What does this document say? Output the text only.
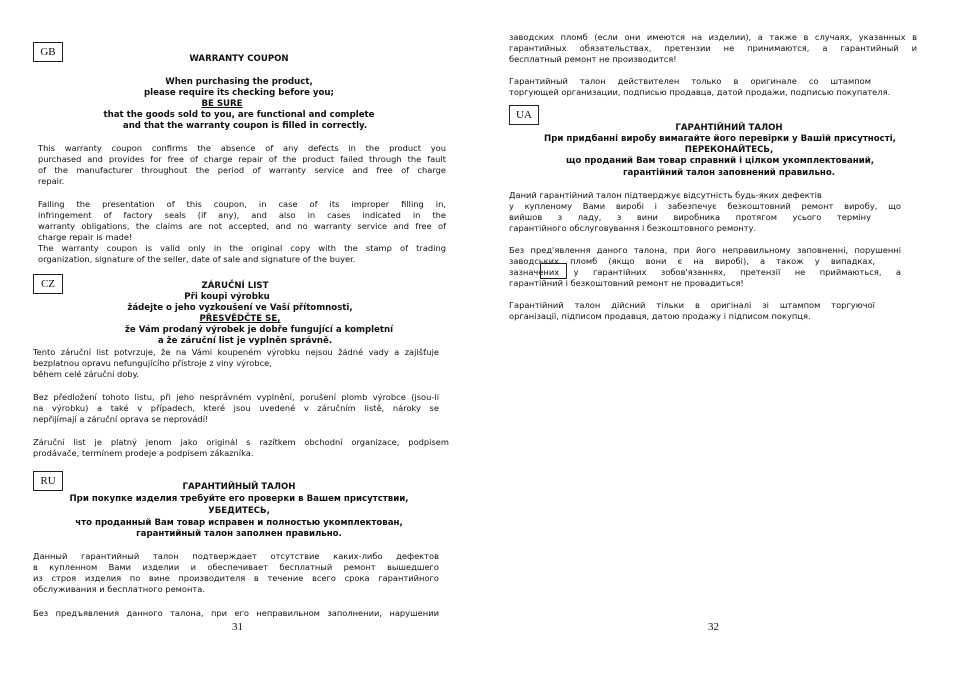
GB
WARRANTY COUPON
When purchasing the product,
please require its checking before you;
BE SURE
that the goods sold to you, are functional and complete
and that the warranty coupon is filled in correctly.
This warranty coupon confirms the absence of any defects in the product you
purchased and provides for free of charge repair of the product failed through the fault
of the manufacturer throughout the period of warranty service and free of charge
repair.
Failing the presentation of this coupon, in case of its improper filling in,
infringement of factory seals (if any), and also in cases indicated in the
warranty obligations, the claims are not accepted, and no warranty service and free of
charge repair is made!
The warranty coupon is valid only in the original copy with the stamp of trading
organization, signature of the seller, date of sale and signature of the buyer.
CZ	ZÁRUČNÍ LIST
Při koupi výrobku
žádejte o jeho vyzkoušení ve Vaší přítomnosti,
PŘESVĚDČTE SE,
že Vám prodaný výrobek je dobře fungující a kompletní
a že záruční list je vyplněn správně.
Tento záruční list potvrzuje, že na Vámi koupeném výrobku nejsou žádné vady a zajišťuje
bezplatnou opravu nefungujícího přístroje z viny výrobce,
během celé záruční doby.
Bez předložení tohoto listu, při jeho nesprávném vyplnění, porušení plomb výrobce (jsou-li
na výrobku) a také v případech, které jsou uvedené v záručním listě, nároky se
nepřijímají a záruční oprava se neprovádí!
Záruční list je platný jenom jako originál s razítkem obchodní organizace, podpisem
prodávače, termínem prodeje a podpisem zákazníka.
RU	ГАРАНТИЙНЫЙ ТАЛОН
При покупке изделия требуйте его проверки в Вашем присутствии,
УБЕДИТЕСЬ,
что проданный Вам товар исправен и полностью укомплектован,
гарантийный талон заполнен правильно.
Данный гарантийный талон подтверждает отсутствие каких-либо дефектов
в купленном Вами изделии и обеспечивает бесплатный ремонт вышедшего
из строя изделия по вине производителя в течение всего срока гарантийного
обслуживания и бесплатного ремонта.
Без предъявления данного талона, при его неправильном заполнении, нарушении
31
заводских пломб (если они имеются на изделии), а также в случаях, указанных в
гарантийных обязательствах, претензии не принимаются, а гарантийный и
бесплатный ремонт не производится!
Гарантийный талон действителен только в оригинале со штампом
торгующей организации, подписью продавца, датой продажи, подписью покупателя.
UA
ГАРАНТІЙНИЙ ТАЛОН
При придбанні виробу вимагайте його перевірки у Вашій присутності,
ПЕРЕКОНАЙТЕСЬ,
що проданий Вам товар справний і цілком укомплектований,
гарантійний талон заповнений правильно.
Даний гарантійний талон підтверджує відсутність будь-яких дефектів
у купленому Вами виробі і забезпечує безкоштовний ремонт виробу, що
вийшов з ладу, з вини виробника протягом усього терміну
гарантійного обслуговування і безкоштовного ремонту.
Без пред'явлення даного талона, при його неправильному заповненні, порушенні
заводських пломб (якщо вони є на виробі), а також у випадках,
зазначених у гарантійних зобов'язаннях, претензії не приймаються, а
гарантійний і безкоштовний ремонт не провадиться!
Гарантійний талон дійсний тільки в оригіналі зі штампом торгуючої
організації, підписом продавця, датою продажу і підписом покупця.
32
